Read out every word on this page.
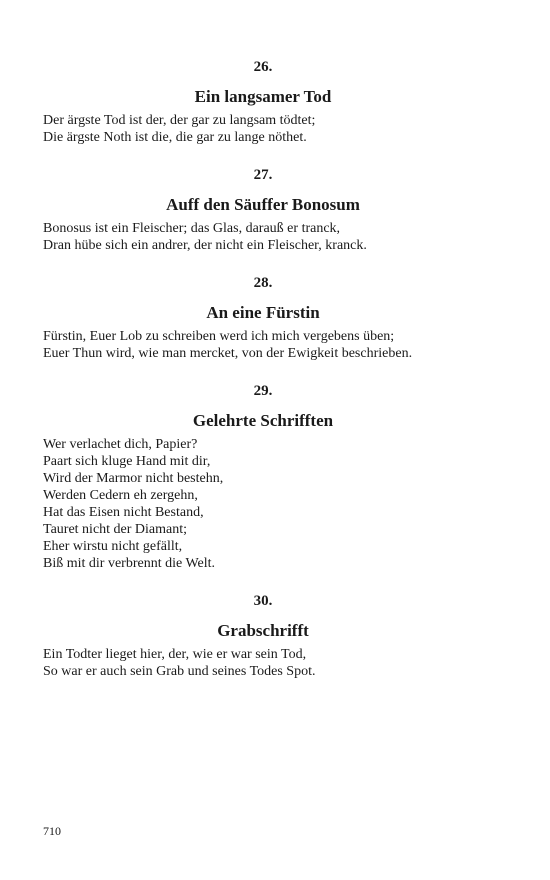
26.
Ein langsamer Tod
Der ärgste Tod ist der, der gar zu langsam tödtet;
Die ärgste Noth ist die, die gar zu lange nöthet.
27.
Auff den Säuffer Bonosum
Bonosus ist ein Fleischer; das Glas, darauß er tranck,
Dran hübe sich ein andrer, der nicht ein Fleischer, kranck.
28.
An eine Fürstin
Fürstin, Euer Lob zu schreiben werd ich mich vergebens üben;
Euer Thun wird, wie man mercket, von der Ewigkeit beschrieben.
29.
Gelehrte Schrifften
Wer verlachet dich, Papier?
Paart sich kluge Hand mit dir,
Wird der Marmor nicht bestehn,
Werden Cedern eh zergehn,
Hat das Eisen nicht Bestand,
Tauret nicht der Diamant;
Eher wirstu nicht gefällt,
Biß mit dir verbrennt die Welt.
30.
Grabschrifft
Ein Todter lieget hier, der, wie er war sein Tod,
So war er auch sein Grab und seines Todes Spot.
710
